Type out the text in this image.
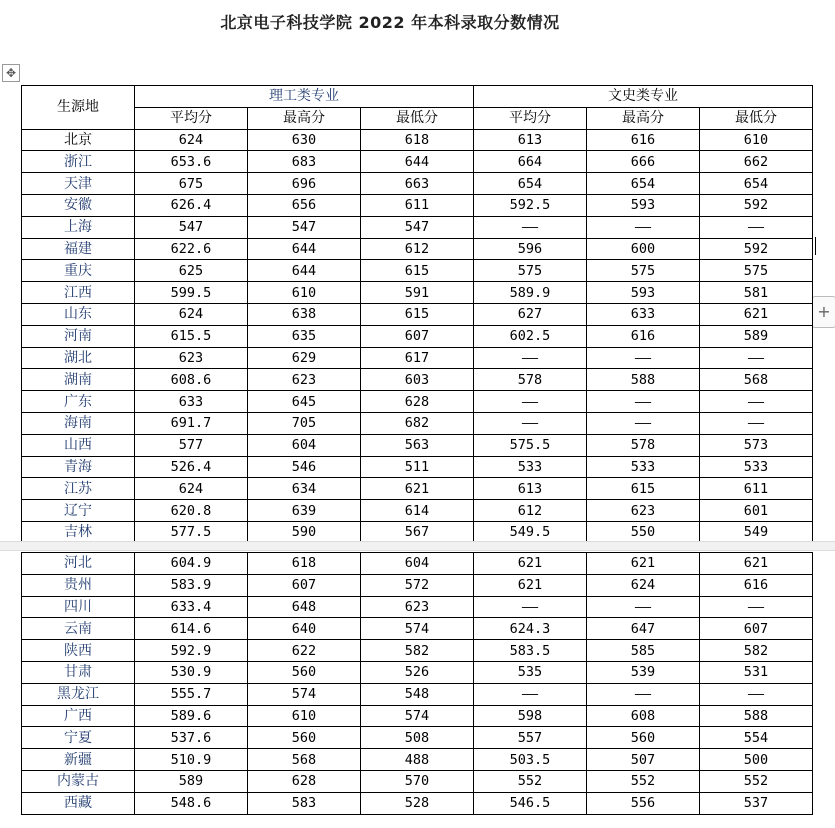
北京电子科技学院 2022 年本科录取分数情况
✥
+
生源地	理工类专业			文史类专业		
	平均分	最高分	最低分	平均分	最高分	最低分
北京	624	630	618	613	616	610
浙江	653.6	683	644	664	666	662
天津	675	696	663	654	654	654
安徽	626.4	656	611	592.5	593	592
上海	547	547	547	——	——	——
福建	622.6	644	612	596	600	592
重庆	625	644	615	575	575	575
江西	599.5	610	591	589.9	593	581
山东	624	638	615	627	633	621
河南	615.5	635	607	602.5	616	589
湖北	623	629	617	——	——	——
湖南	608.6	623	603	578	588	568
广东	633	645	628	——	——	——
海南	691.7	705	682	——	——	——
山西	577	604	563	575.5	578	573
青海	526.4	546	511	533	533	533
江苏	624	634	621	613	615	611
辽宁	620.8	639	614	612	623	601
吉林	577.5	590	567	549.5	550	549
河北	604.9	618	604	621	621	621
贵州	583.9	607	572	621	624	616
四川	633.4	648	623	——	——	——
云南	614.6	640	574	624.3	647	607
陕西	592.9	622	582	583.5	585	582
甘肃	530.9	560	526	535	539	531
黑龙江	555.7	574	548	——	——	——
广西	589.6	610	574	598	608	588
宁夏	537.6	560	508	557	560	554
新疆	510.9	568	488	503.5	507	500
内蒙古	589	628	570	552	552	552
西藏	548.6	583	528	546.5	556	537
